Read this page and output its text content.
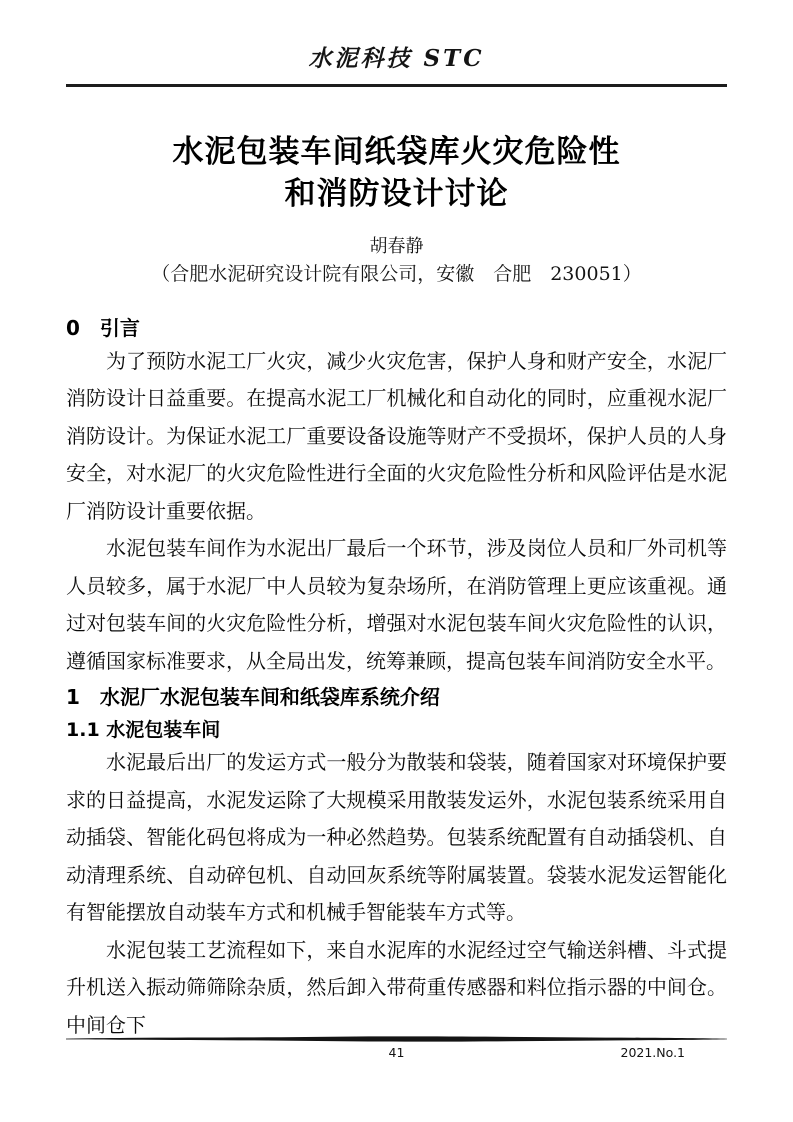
水泥科技 STC
水泥包装车间纸袋库火灾危险性
和消防设计讨论
胡春静
（合肥水泥研究设计院有限公司，安徽　合肥　230051）
0　引言
为了预防水泥工厂火灾，减少火灾危害，保护人身和财产安全，水泥厂消防设计日益重要。在提高水泥工厂机械化和自动化的同时，应重视水泥厂消防设计。为保证水泥工厂重要设备设施等财产不受损坏，保护人员的人身安全，对水泥厂的火灾危险性进行全面的火灾危险性分析和风险评估是水泥厂消防设计重要依据。
水泥包装车间作为水泥出厂最后一个环节，涉及岗位人员和厂外司机等人员较多，属于水泥厂中人员较为复杂场所，在消防管理上更应该重视。通过对包装车间的火灾危险性分析，增强对水泥包装车间火灾危险性的认识，遵循国家标准要求，从全局出发，统筹兼顾，提高包装车间消防安全水平。
1　水泥厂水泥包装车间和纸袋库系统介绍
1.1 水泥包装车间
水泥最后出厂的发运方式一般分为散装和袋装，随着国家对环境保护要求的日益提高，水泥发运除了大规模采用散装发运外，水泥包装系统采用自动插袋、智能化码包将成为一种必然趋势。包装系统配置有自动插袋机、自动清理系统、自动碎包机、自动回灰系统等附属装置。袋装水泥发运智能化有智能摆放自动装车方式和机械手智能装车方式等。
水泥包装工艺流程如下，来自水泥库的水泥经过空气输送斜槽、斗式提升机送入振动筛筛除杂质，然后卸入带荷重传感器和料位指示器的中间仓。中间仓下
41	2021.No.1
